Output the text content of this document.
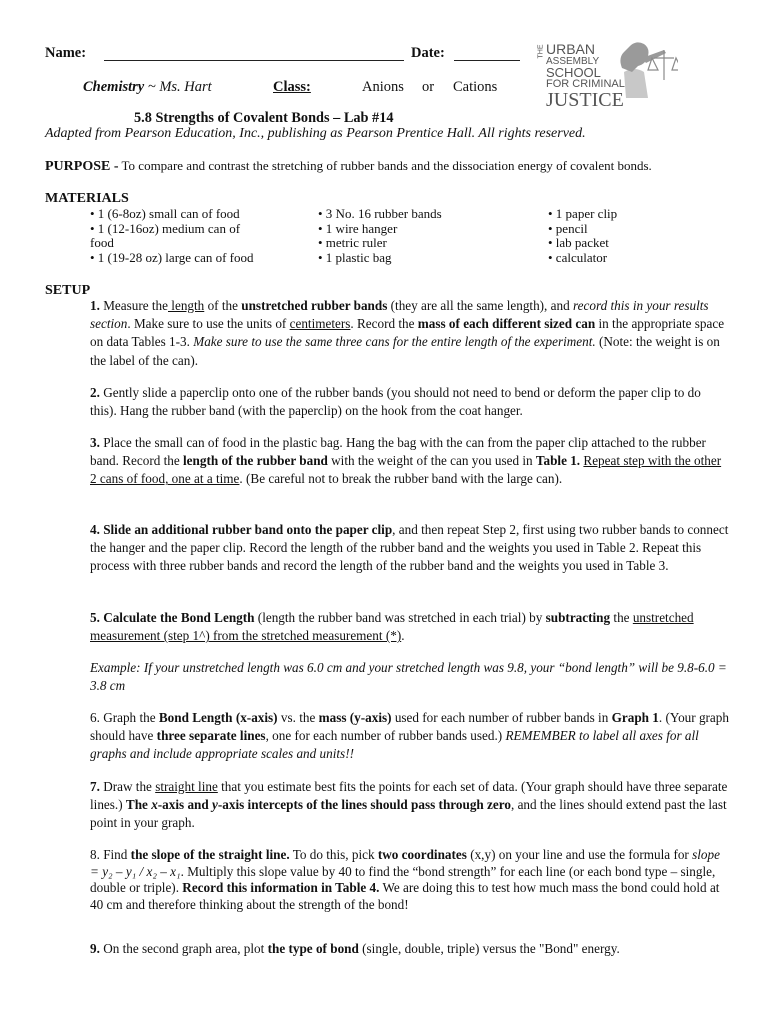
Name:	Date:
Chemistry ~ Ms. Hart	Class:	Anions or Cations
THE URBAN
ASSEMBLY
SCHOOL
FOR CRIMINAL
JUSTICE
5.8 Strengths of Covalent Bonds – Lab #14
Adapted from Pearson Education, Inc., publishing as Pearson Prentice Hall. All rights reserved.
PURPOSE - To compare and contrast the stretching of rubber bands and the dissociation energy of covalent bonds.
MATERIALS
• 1 (6-8oz) small can of food
• 1 (12-16oz) medium can of
food
• 1 (19-28 oz) large can of food
• 3 No. 16 rubber bands
• 1 wire hanger
• metric ruler
• 1 plastic bag
• 1 paper clip
• pencil
• lab packet
• calculator
SETUP

1. Measure the length of the unstretched rubber bands (they are all the same length), and record this in your results section. Make sure to use the units of centimeters. Record the mass of each different sized can in the appropriate space on data Tables 1-3. Make sure to use the same three cans for the entire length of the experiment. (Note: the weight is on the label of the can).

2. Gently slide a paperclip onto one of the rubber bands (you should not need to bend or deform the paper clip to do this). Hang the rubber band (with the paperclip) on the hook from the coat hanger.

3. Place the small can of food in the plastic bag. Hang the bag with the can from the paper clip attached to the rubber band. Record the length of the rubber band with the weight of the can you used in Table 1. Repeat step with the other 2 cans of food, one at a time. (Be careful not to break the rubber band with the large can).

4. Slide an additional rubber band onto the paper clip, and then repeat Step 2, first using two rubber bands to connect the hanger and the paper clip. Record the length of the rubber band and the weights you used in Table 2. Repeat this process with three rubber bands and record the length of the rubber band and the weights you used in Table 3.

5. Calculate the Bond Length (length the rubber band was stretched in each trial) by subtracting the unstretched measurement (step 1^) from the stretched measurement (*).

Example: If your unstretched length was 6.0 cm and your stretched length was 9.8, your “bond length” will be 9.8-6.0 = 3.8 cm

6. Graph the Bond Length (x-axis) vs. the mass (y-axis) used for each number of rubber bands in Graph 1. (Your graph should have three separate lines, one for each number of rubber bands used.) REMEMBER to label all axes for all graphs and include appropriate scales and units!!

7. Draw the straight line that you estimate best fits the points for each set of data. (Your graph should have three separate lines.) The x-axis and y-axis intercepts of the lines should pass through zero, and the lines should extend past the last point in your graph.

8. Find the slope of the straight line. To do this, pick two coordinates (x,y) on your line and use the formula for slope = y₂ – y₁ / x₂ – x₁. Multiply this slope value by 40 to find the “bond strength” for each line (or each bond type – single, double or triple). Record this information in Table 4. We are doing this to test how much mass the bond could hold at 40 cm and therefore thinking about the strength of the bond!

9. On the second graph area, plot the type of bond (single, double, triple) versus the "Bond" energy.
